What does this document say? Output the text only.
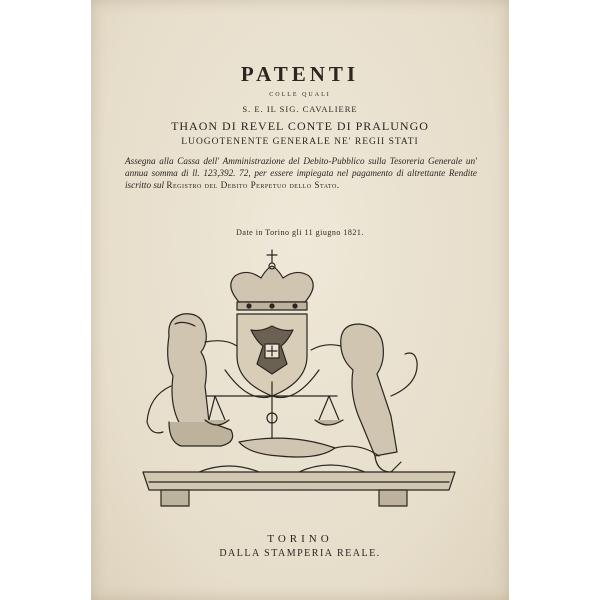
PATENTI
COLLE QUALI
S. E. IL SIG. CAVALIERE
THAON DI REVEL CONTE DI PRALUNGO
LUOGOTENENTE GENERALE NE' REGII STATI
Assegna alla Cassa dell' Amministrazione del Debito-Pubblico sulla Tesoreria Generale un' annua somma di ll. 123,392. 72, per essere impiegata nel pagamento di altrettante Rendite iscritto sul Registro del Debito Perpetuo dello Stato.
Date in Torino gli 11 giugno 1821.
TORINO
DALLA STAMPERIA REALE.
